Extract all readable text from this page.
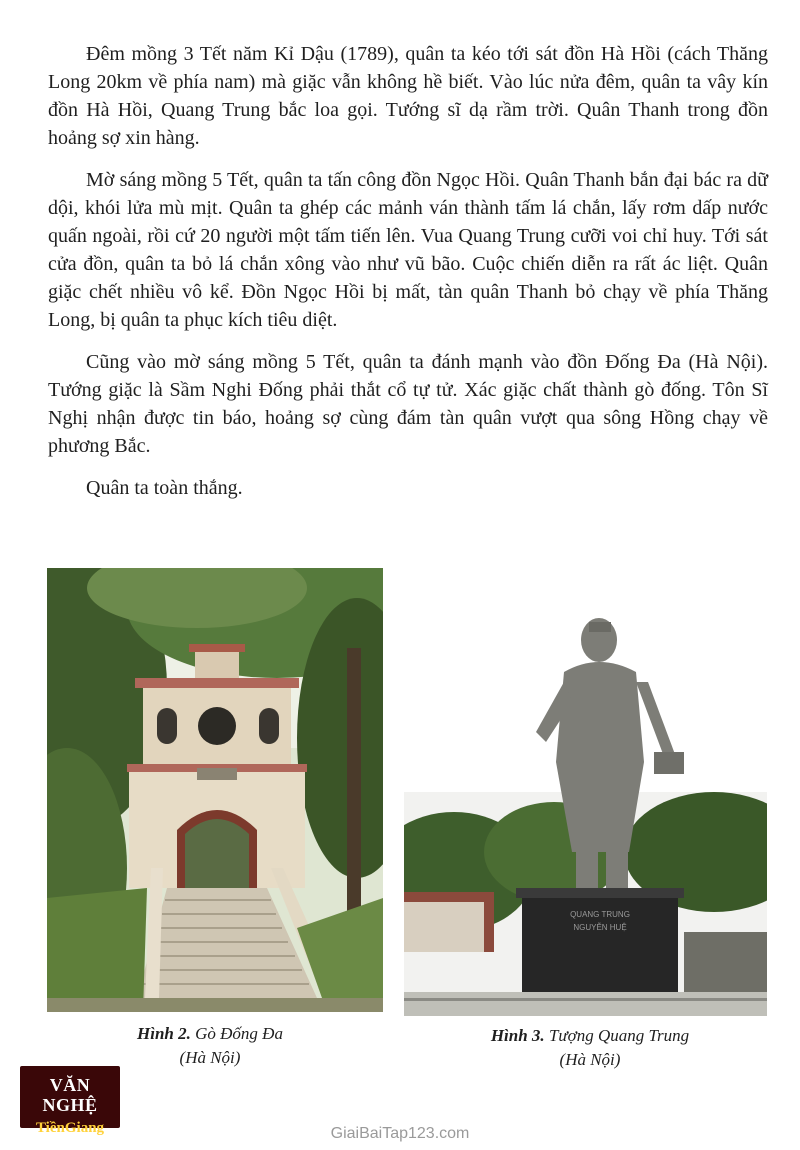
Đêm mồng 3 Tết năm Kỉ Dậu (1789), quân ta kéo tới sát đồn Hà Hồi (cách Thăng Long 20km về phía nam) mà giặc vẫn không hề biết. Vào lúc nửa đêm, quân ta vây kín đồn Hà Hồi, Quang Trung bắc loa gọi. Tướng sĩ dạ rầm trời. Quân Thanh trong đồn hoảng sợ xin hàng.

Mờ sáng mồng 5 Tết, quân ta tấn công đồn Ngọc Hồi. Quân Thanh bắn đại bác ra dữ dội, khói lửa mù mịt. Quân ta ghép các mảnh ván thành tấm lá chắn, lấy rơm dấp nước quấn ngoài, rồi cứ 20 người một tấm tiến lên. Vua Quang Trung cưỡi voi chỉ huy. Tới sát cửa đồn, quân ta bỏ lá chắn xông vào như vũ bão. Cuộc chiến diễn ra rất ác liệt. Quân giặc chết nhiều vô kể. Đồn Ngọc Hồi bị mất, tàn quân Thanh bỏ chạy về phía Thăng Long, bị quân ta phục kích tiêu diệt.

Cũng vào mờ sáng mồng 5 Tết, quân ta đánh mạnh vào đồn Đống Đa (Hà Nội). Tướng giặc là Sầm Nghi Đống phải thắt cổ tự tử. Xác giặc chất thành gò đống. Tôn Sĩ Nghị nhận được tin báo, hoảng sợ cùng đám tàn quân vượt qua sông Hồng chạy về phương Bắc.

Quân ta toàn thắng.

QUANG TRUNG
NGUYỄN HUỆ
Hình 2. Gò Đống Đa
(Hà Nội)
Hình 3. Tượng Quang Trung
(Hà Nội)
VĂN NGHỆ
TiềnGiang	GiaiBaiTap123.com
